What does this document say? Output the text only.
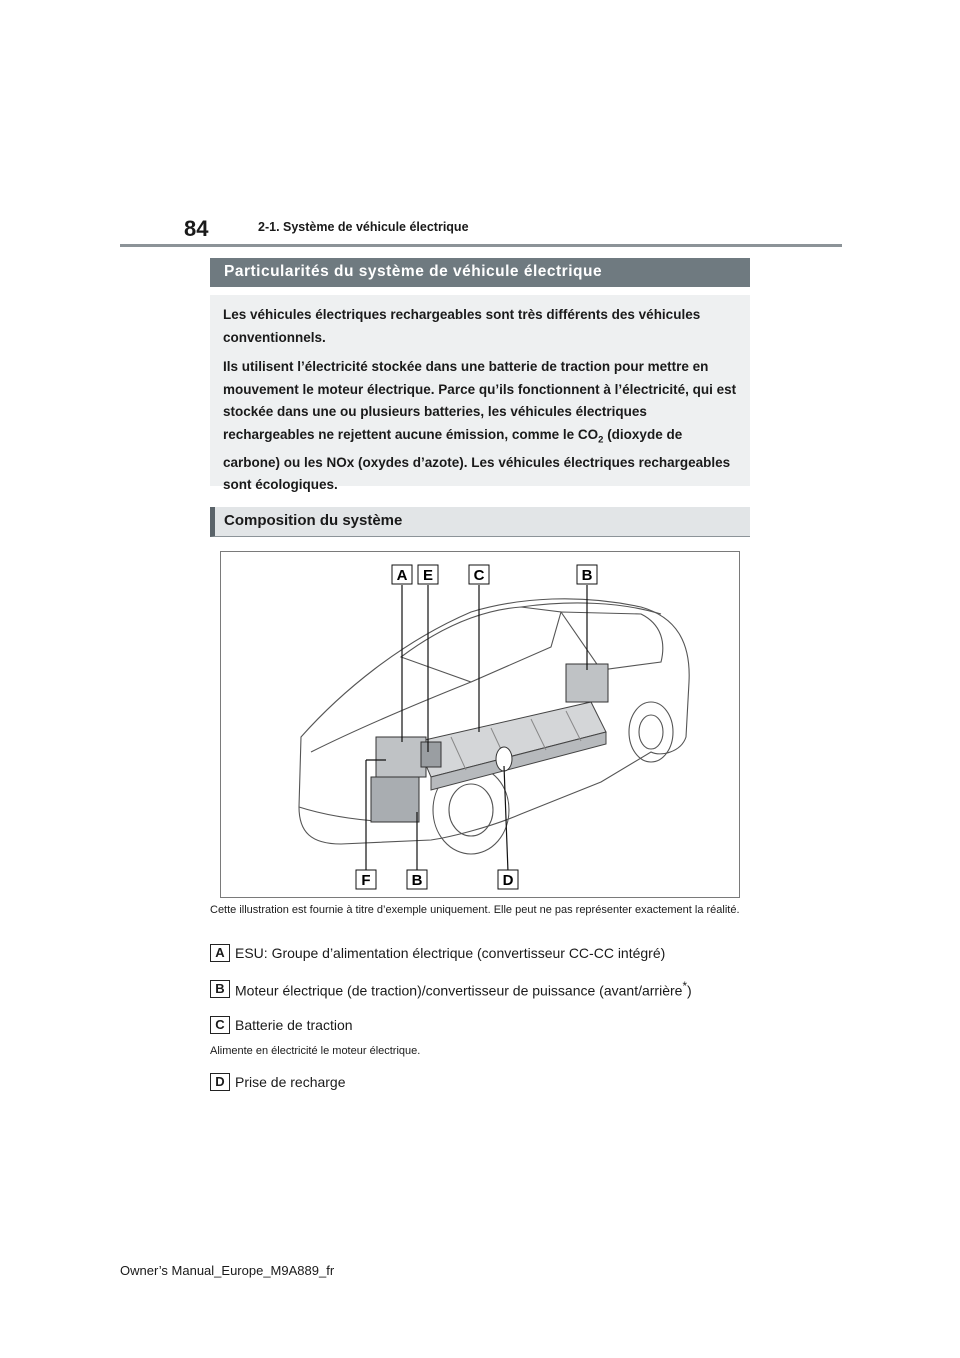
84	2-1. Système de véhicule électrique
Particularités du système de véhicule électrique

Les véhicules électriques rechargeables sont très différents des véhicules conventionnels.

Ils utilisent l’électricité stockée dans une batterie de traction pour mettre en mouvement le moteur électrique. Parce qu’ils fonctionnent à l’électricité, qui est stockée dans une ou plusieurs batteries, les véhicules électriques rechargeables ne rejettent aucune émission, comme le $CO_2$ (dioxyde de carbone) ou les NOx (oxydes d’azote). Les véhicules électriques rechargeables sont écologiques.

Composition du système
A E	C	B
F	B	D
Cette illustration est fournie à titre d’exemple uniquement. Elle peut ne pas représenter exactement la réalité.
A ESU: Groupe d’alimentation électrique (convertisseur CC-CC intégré)
B Moteur électrique (de traction)/convertisseur de puissance (avant/arrière*)
C Batterie de traction
Alimente en électricité le moteur électrique.
D Prise de recharge
Owner’s Manual_Europe_M9A889_fr
